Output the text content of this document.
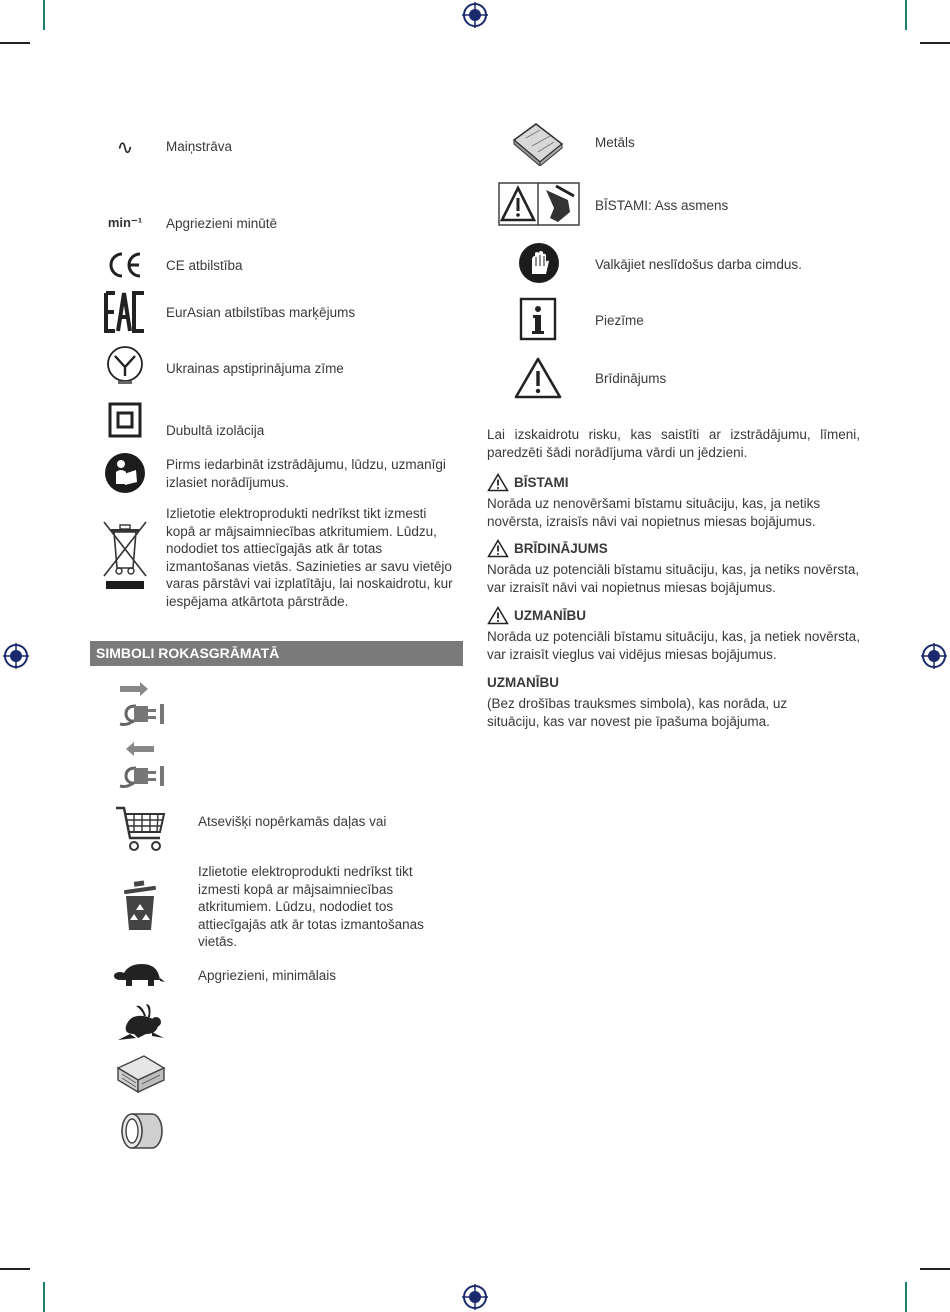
∿	Maiņstrāva
min⁻¹	Apgriezieni minūtē
CE atbilstība
EurAsian atbilstības marķējums
Ukrainas apstiprinājuma zīme
Dubultā izolācija
Pirms iedarbināt izstrādājumu, lūdzu, uzmanīgi izlasiet norādījumus.
Izlietotie elektroprodukti nedrīkst tikt izmesti kopā ar mājsaimniecības atkritumiem. Lūdzu, nododiet tos attiecīgajās atk ār totas izmantošanas vietās. Sazinieties ar savu vietējo varas pārstāvi vai izplatītāju, lai noskaidrotu, kur iespējama atkārtota pārstrāde.
SIMBOLI ROKASGRĀMATĀ
Atsevišķi nopērkamās daļas vai
Izlietotie elektroprodukti nedrīkst tikt izmesti kopā ar mājsaimniecības atkritumiem. Lūdzu, nododiet tos attiecīgajās atk ār totas izmantošanas vietās.
Apgriezieni, minimālais
Metāls
BĪSTAMI: Ass asmens
Valkājiet neslīdošus darba cimdus.
Piezīme
Brīdinājums
Lai izskaidrotu risku, kas saistīti ar izstrādājumu, līmeni, paredzēti šādi norādījuma vārdi un jēdzieni.
BĪSTAMI
Norāda uz nenovēršami bīstamu situāciju, kas, ja netiks novērsta, izraisīs nāvi vai nopietnus miesas bojājumus.
BRĪDINĀJUMS
Norāda uz potenciāli bīstamu situāciju, kas, ja netiks novērsta, var izraisīt nāvi vai nopietnus miesas bojājumus.
UZMANĪBU
Norāda uz potenciāli bīstamu situāciju, kas, ja netiek novērsta, var izraisīt vieglus vai vidējus miesas bojājumus.
UZMANĪBU
(Bez drošības trauksmes simbola), kas norāda, uz situāciju, kas var novest pie īpašuma bojājuma.
